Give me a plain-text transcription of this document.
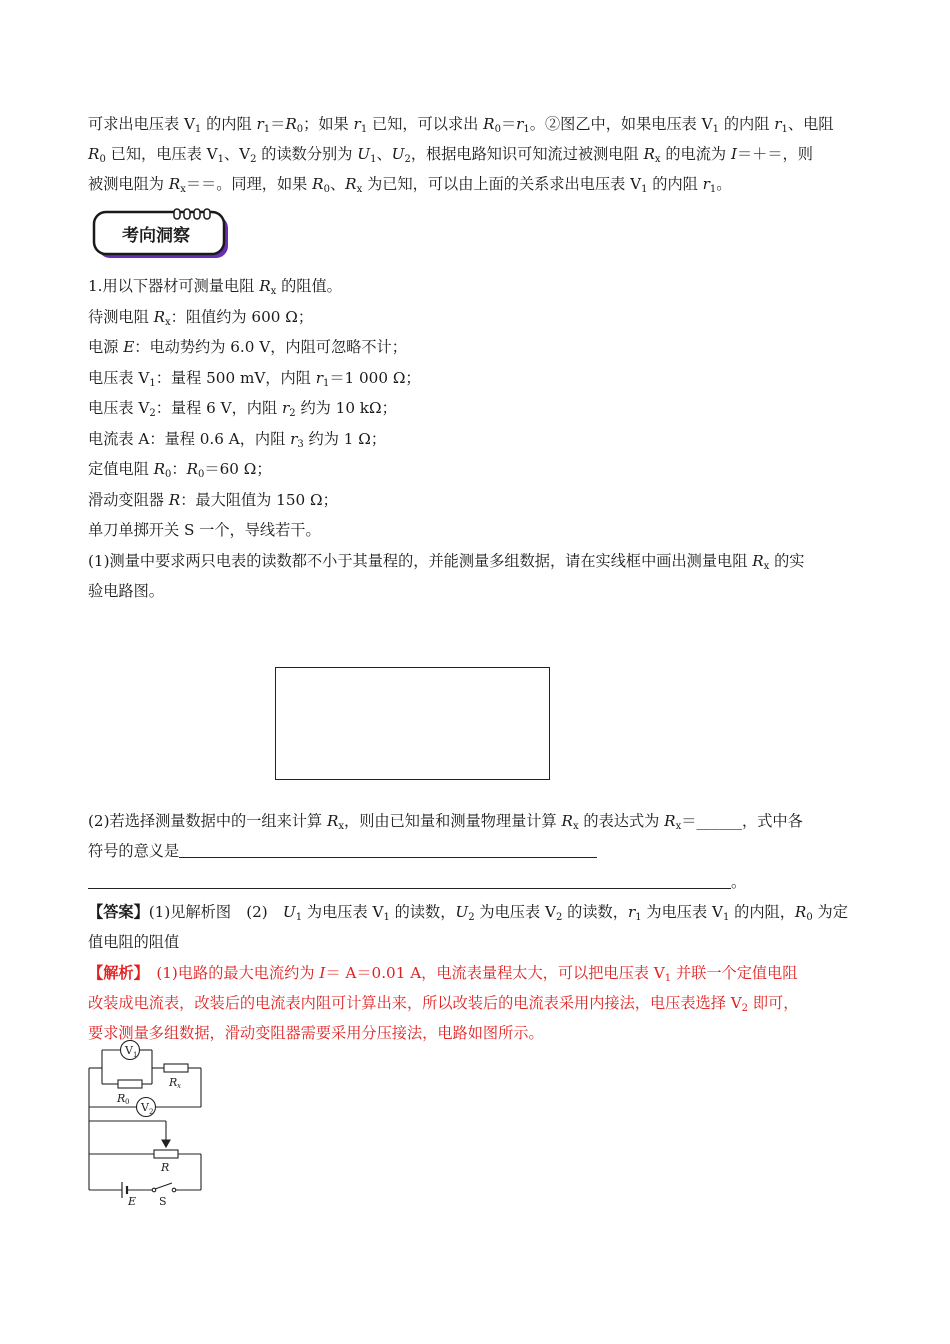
可求出电压表 $V_1$ 的内阻 $r_1=R_0$；如果 $r_1$ 已知，可以求出 $R_0=r_1$。②图乙中，如果电压表 $V_1$ 的内阻 $r_1$、电阻
$R_0$ 已知，电压表 $V_1$、$V_2$ 的读数分别为 $U_1$、$U_2$，根据电路知识可知流过被测电阻 $R_x$ 的电流为 I＝＋＝，则
被测电阻为 $R_x==$。同理，如果 $R_0$、$R_x$ 为已知，可以由上面的关系求出电压表 $V_1$ 的内阻 $r_1$。
考向洞察
1.用以下器材可测量电阻 $R_x$ 的阻值。
待测电阻 $R_x$：阻值约为 600 Ω；
电源 E：电动势约为 6.0 V，内阻可忽略不计；
电压表 $V_1$：量程 500 mV，内阻 $r_1=1$ 000 Ω；
电压表 $V_2$：量程 6 V，内阻 $r_2$ 约为 10 kΩ；
电流表 A：量程 0.6 A，内阻 $r_3$ 约为 1 Ω；
定值电阻 $R_0$：$R_0=60$ Ω；
滑动变阻器 R：最大阻值为 150 Ω；
单刀单掷开关 S 一个，导线若干。
(1)测量中要求两只电表的读数都不小于其量程的，并能测量多组数据，请在实线框中画出测量电阻 $R_x$ 的实
验电路图。
(2)若选择测量数据中的一组来计算 $R_x$，则由已知量和测量物理量计算 $R_x$ 的表达式为 $R_x=\_\_\_\_\_\_$，式中各
符号的意义是
。
【答案】(1)见解析图　(2)　$U_1$ 为电压表 $V_1$ 的读数，$U_2$ 为电压表 $V_2$ 的读数，$r_1$ 为电压表 $V_1$ 的内阻，$R_0$ 为定
值电阻的阻值
【解析】　(1)电路的最大电流约为 I＝ A＝0.01 A，电流表量程太大，可以把电压表 $V_1$ 并联一个定值电阻
改装成电流表，改装后的电流表内阻可计算出来，所以改装后的电流表采用内接法，电压表选择 $V_2$ 即可，
要求测量多组数据，滑动变阻器需要采用分压接法，电路如图所示。
V 1
R 0
R x
V 2
R
E S
